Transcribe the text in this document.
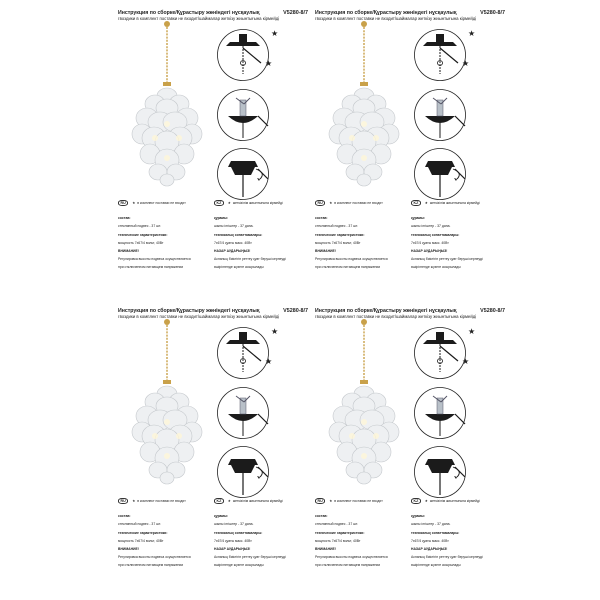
Инструкция по сборке/Құрастыру жөніндегі нұсқаулық	V5280-8/7
гвоздики в комплект поставки не входит/шаймалар жеткізу жиынтығына кірмейді
★
★
RU	★ в комплект поставки не входит
состав:
стеклянный подвес - 37 шт.
технические характеристики:
мощность 7x67/4 вольт, 40Вт
ВНИМАНИЕ!
Регулировка высоты подвеса осуществляется
при отключенном питающем напряжении
KZ	★ жеткізілім жиынтығына кірмейді
құрамы:
шыны ілгіштер - 37 дана.
техникалық сипаттамалары:
7x67/4 қуаты макс. 40Вт
НАЗАР АУДАРЫҢЫЗ!
Аспаның биіктігін реттеу қуат беруші кернеуді
өшірілгенде жүзеге асырылады
Инструкция по сборке/Құрастыру жөніндегі нұсқаулық	V5280-8/7
гвоздики в комплект поставки не входит/шаймалар жеткізу жиынтығына кірмейді
★
★
RU	★ в комплект поставки не входит
состав:
стеклянный подвес - 37 шт.
технические характеристики:
мощность 7x67/4 вольт, 40Вт
ВНИМАНИЕ!
Регулировка высоты подвеса осуществляется
при отключенном питающем напряжении
KZ	★ жеткізілім жиынтығына кірмейді
құрамы:
шыны ілгіштер - 37 дана.
техникалық сипаттамалары:
7x67/4 қуаты макс. 40Вт
НАЗАР АУДАРЫҢЫЗ!
Аспаның биіктігін реттеу қуат беруші кернеуді
өшірілгенде жүзеге асырылады
Инструкция по сборке/Құрастыру жөніндегі нұсқаулық	V5280-8/7
гвоздики в комплект поставки не входит/шаймалар жеткізу жиынтығына кірмейді
★
★
RU	★ в комплект поставки не входит
состав:
стеклянный подвес - 37 шт.
технические характеристики:
мощность 7x67/4 вольт, 40Вт
ВНИМАНИЕ!
Регулировка высоты подвеса осуществляется
при отключенном питающем напряжении
KZ	★ жеткізілім жиынтығына кірмейді
құрамы:
шыны ілгіштер - 37 дана.
техникалық сипаттамалары:
7x67/4 қуаты макс. 40Вт
НАЗАР АУДАРЫҢЫЗ!
Аспаның биіктігін реттеу қуат беруші кернеуді
өшірілгенде жүзеге асырылады
Инструкция по сборке/Құрастыру жөніндегі нұсқаулық	V5280-8/7
гвоздики в комплект поставки не входит/шаймалар жеткізу жиынтығына кірмейді
★
★
RU	★ в комплект поставки не входит
состав:
стеклянный подвес - 37 шт.
технические характеристики:
мощность 7x67/4 вольт, 40Вт
ВНИМАНИЕ!
Регулировка высоты подвеса осуществляется
при отключенном питающем напряжении
KZ	★ жеткізілім жиынтығына кірмейді
құрамы:
шыны ілгіштер - 37 дана.
техникалық сипаттамалары:
7x67/4 қуаты макс. 40Вт
НАЗАР АУДАРЫҢЫЗ!
Аспаның биіктігін реттеу қуат беруші кернеуді
өшірілгенде жүзеге асырылады
